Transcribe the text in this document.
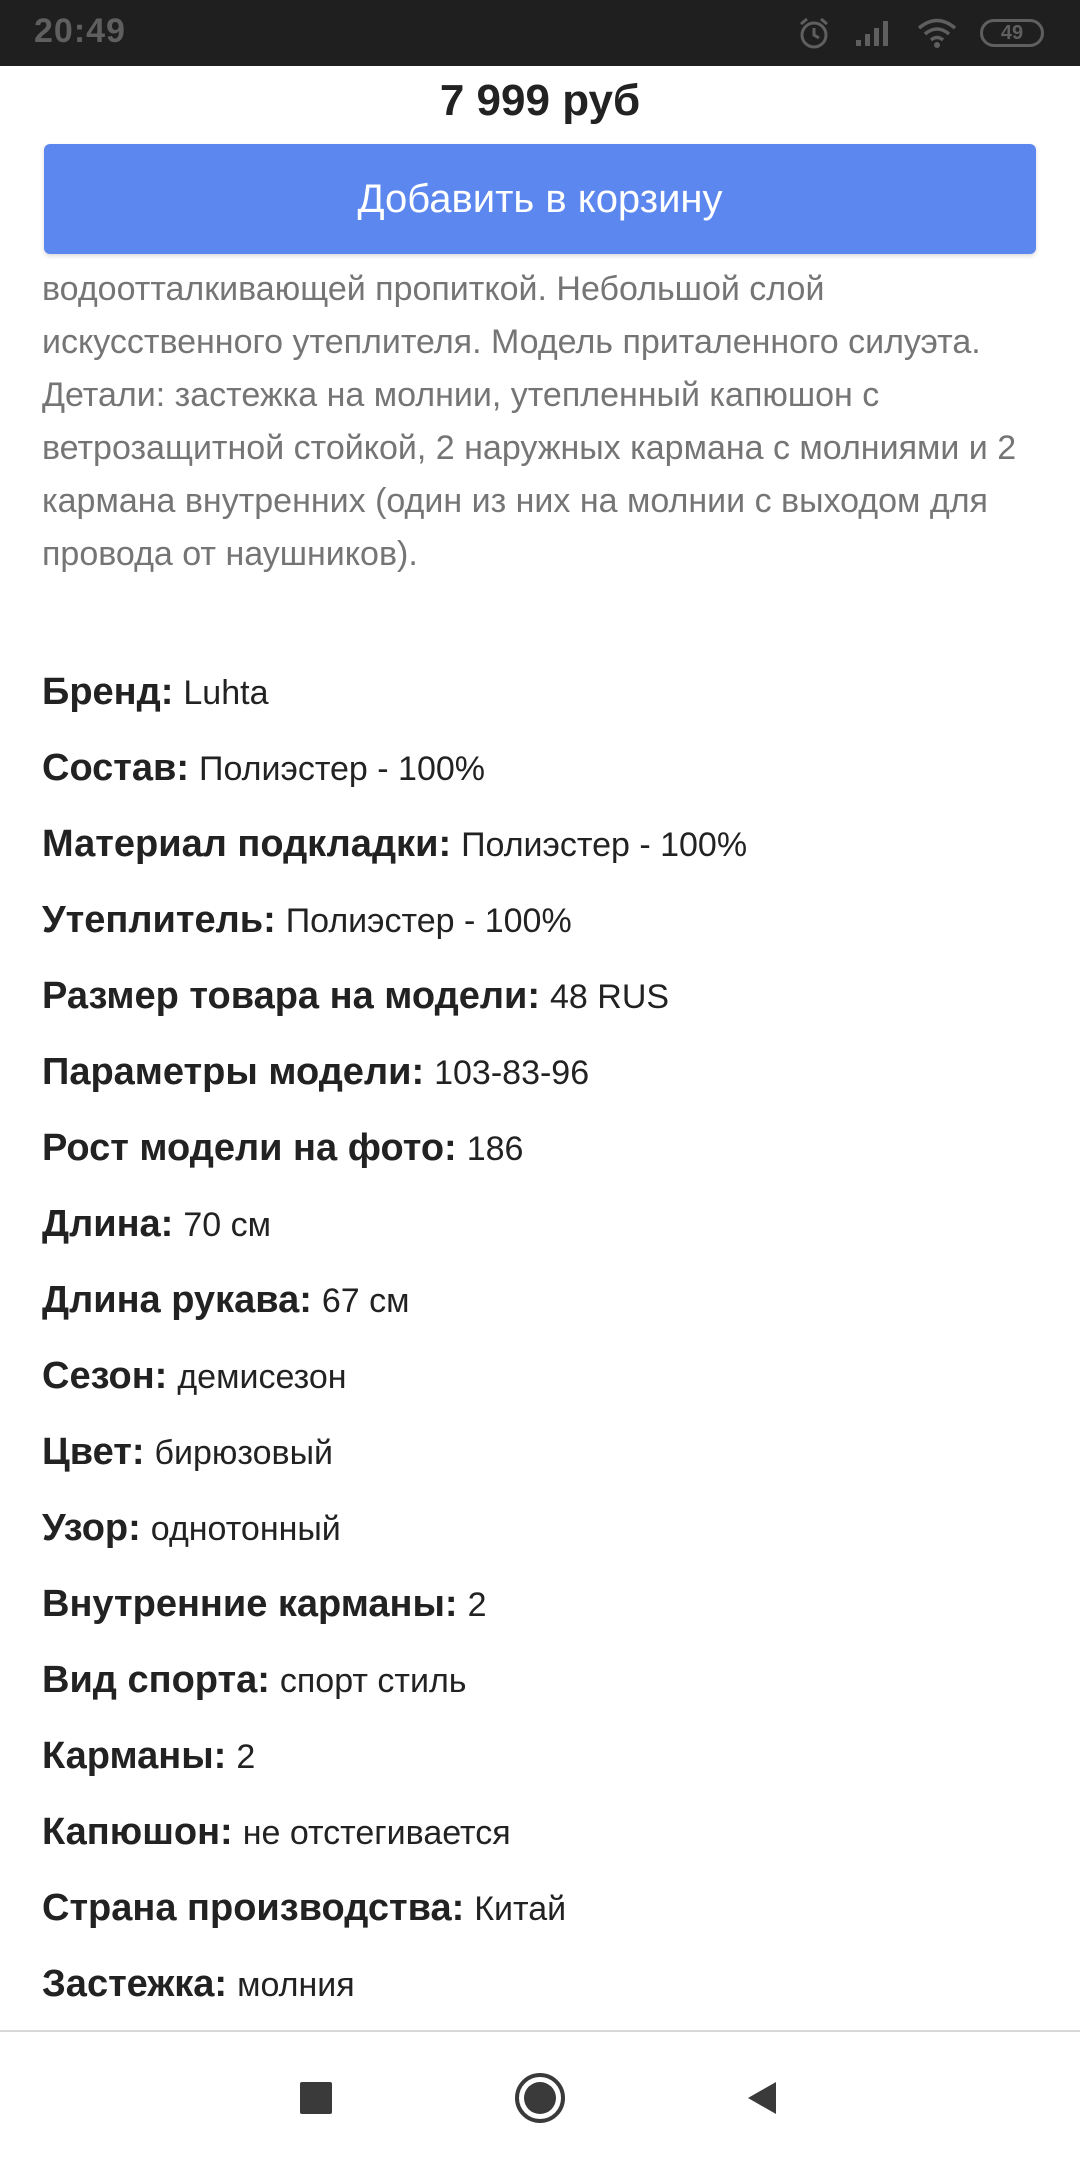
20:49	49
7 999 руб
Добавить в корзину
водоотталкивающей пропиткой. Небольшой слой искусственного утеплителя. Модель приталенного силуэта. Детали: застежка на молнии, утепленный капюшон с ветрозащитной стойкой, 2 наружных кармана с молниями и 2 кармана внутренних (один из них на молнии с выходом для провода от наушников).
Бренд: Luhta
Состав: Полиэстер - 100%
Материал подкладки: Полиэстер - 100%
Утеплитель: Полиэстер - 100%
Размер товара на модели: 48 RUS
Параметры модели: 103-83-96
Рост модели на фото: 186
Длина: 70 см
Длина рукава: 67 см
Сезон: демисезон
Цвет: бирюзовый
Узор: однотонный
Внутренние карманы: 2
Вид спорта: спорт стиль
Карманы: 2
Капюшон: не отстегивается
Страна производства: Китай
Застежка: молния
